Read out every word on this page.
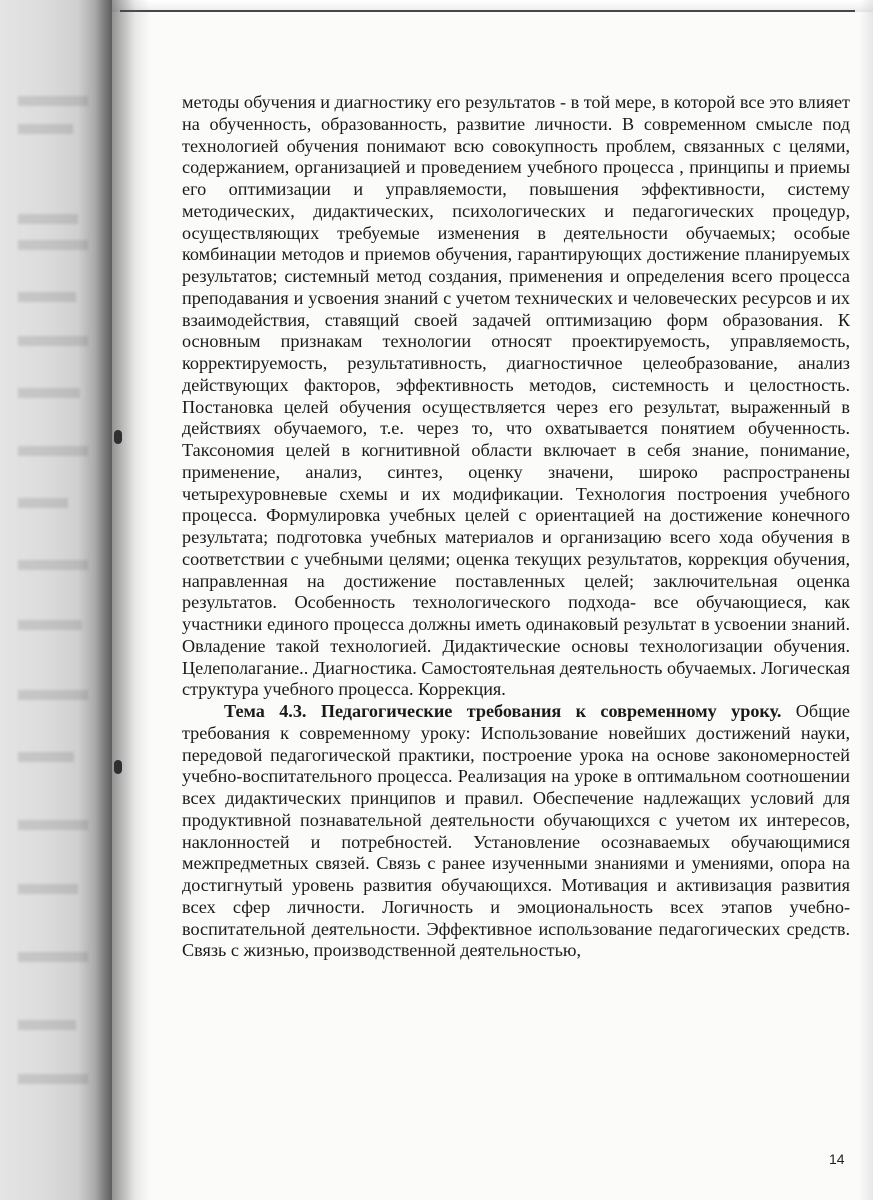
методы обучения и диагностику его результатов - в той мере, в которой все это влияет на обученность, образованность, развитие личности. В современном смысле под технологией обучения понимают всю совокупность проблем, связанных с целями, содержанием, организацией и проведением учебного процесса , принципы и приемы его оптимизации и управляемости, повышения эффективности, систему методических, дидактических, психологических и педагогических процедур, осуществляющих требуемые изменения в деятельности обучаемых; особые комбинации методов и приемов обучения, гарантирующих достижение планируемых результатов; системный метод создания, применения и определения всего процесса преподавания и усвоения знаний с учетом технических и человеческих ресурсов и их взаимодействия, ставящий своей задачей оптимизацию форм образования. К основным признакам технологии относят проектируемость, управляемость, корректируемость, результативность, диагностичное целеобразование, анализ действующих факторов, эффективность методов, системность и целостность. Постановка целей обучения осуществляется через его результат, выраженный в действиях обучаемого, т.е. через то, что охватывается понятием обученность. Таксономия целей в когнитивной области включает в себя знание, понимание, применение, анализ, синтез, оценку значени, широко распространены четырехуровневые схемы и их модификации. Технология построения учебного процесса. Формулировка учебных целей с ориентацией на достижение конечного результата; подготовка учебных материалов и организацию всего хода обучения в соответствии с учебными целями; оценка текущих результатов, коррекция обучения, направленная на достижение поставленных целей; заключительная оценка результатов. Особенность технологического подхода- все обучающиеся, как участники единого процесса должны иметь одинаковый результат в усвоении знаний. Овладение такой технологией. Дидактические основы технологизации обучения. Целеполагание.. Диагностика. Самостоятельная деятельность обучаемых. Логическая структура учебного процесса. Коррекция.

Тема 4.3. Педагогические требования к современному уроку. Общие требования к современному уроку: Использование новейших достижений науки, передовой педагогической практики, построение урока на основе закономерностей учебно-воспитательного процесса. Реализация на уроке в оптимальном соотношении всех дидактических принципов и правил. Обеспечение надлежащих условий для продуктивной познавательной деятельности обучающихся с учетом их интересов, наклонностей и потребностей. Установление осознаваемых обучающимися межпредметных связей. Связь с ранее изученными знаниями и умениями, опора на достигнутый уровень развития обучающихся. Мотивация и активизация развития всех сфер личности. Логичность и эмоциональность всех этапов учебно-воспитательной деятельности. Эффективное использование педагогических средств. Связь с жизнью, производственной деятельностью,

14
